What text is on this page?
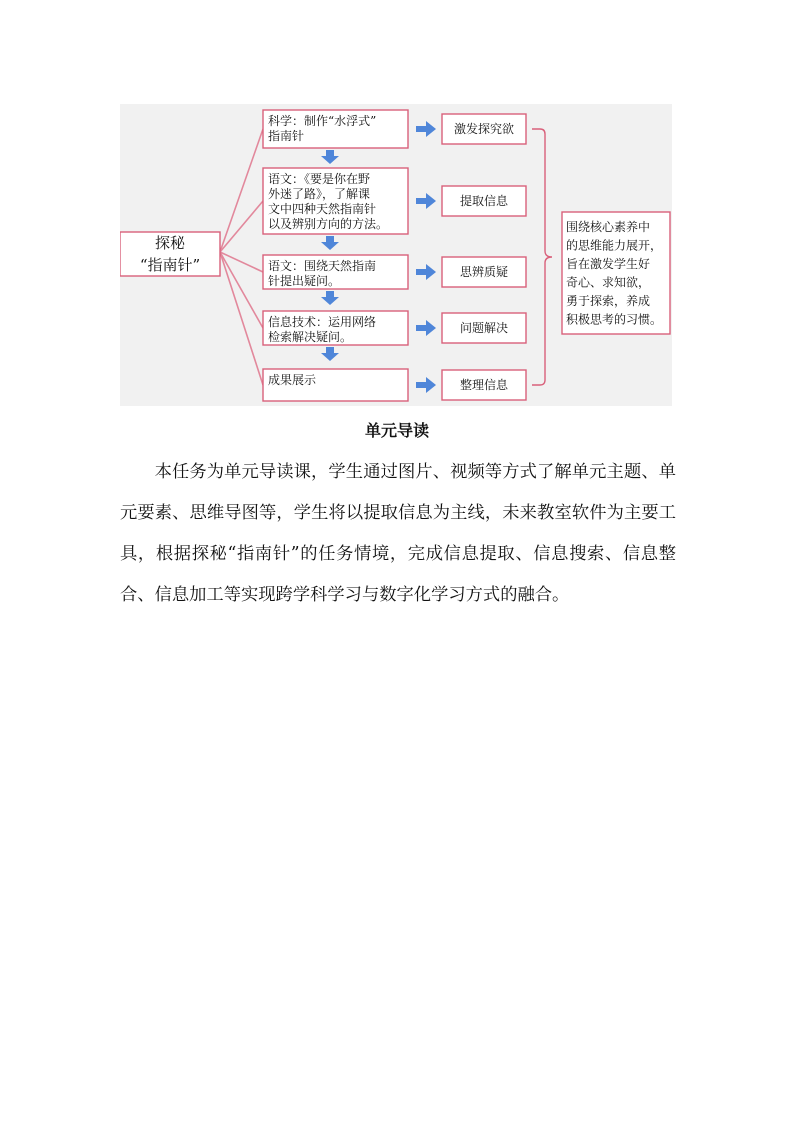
探秘
“指南针”
科学：制作“水浮式”
指南针	激发探究欲
语文：《要是你在野
外迷了路》，了解课
文中四种天然指南针
以及辨别方向的方法。
提取信息
语文：围绕天然指南
针提出疑问。
思辨质疑
信息技术：运用网络
检索解决疑问。
问题解决
成果展示	整理信息
围绕核心素养中
的思维能力展开，
旨在激发学生好
奇心、求知欲，
勇于探索，养成
积极思考的习惯。
单元导读

本任务为单元导读课，学生通过图片、视频等方式了解单元主题、单元要素、思维导图等，学生将以提取信息为主线，未来教室软件为主要工具，根据探秘“指南针”的任务情境，完成信息提取、信息搜索、信息整合、信息加工等实现跨学科学习与数字化学习方式的融合。
